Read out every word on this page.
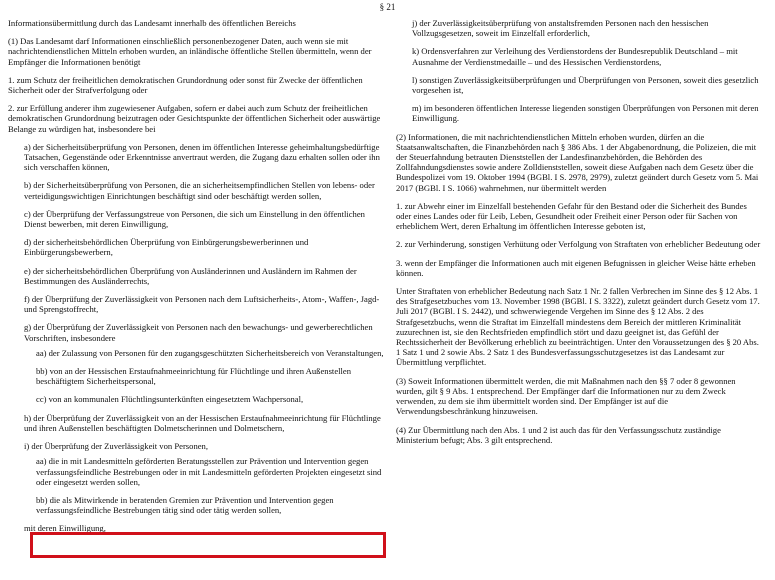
§ 21

Informationsübermittlung durch das Landesamt innerhalb des öffentlichen Bereichs

(1) Das Landesamt darf Informationen einschließlich personenbezogener Daten, auch wenn sie mit nachrichtendienstlichen Mitteln erhoben wurden, an inländische öffentliche Stellen übermitteln, wenn der Empfänger die Informationen benötigt

1. zum Schutz der freiheitlichen demokratischen Grundordnung oder sonst für Zwecke der öffentlichen Sicherheit oder der Strafverfolgung oder

2. zur Erfüllung anderer ihm zugewiesener Aufgaben, sofern er dabei auch zum Schutz der freiheitlichen demokratischen Grundordnung beizutragen oder Gesichtspunkte der öffentlichen Sicherheit oder auswärtige Belange zu würdigen hat, insbesondere bei

a) der Sicherheitsüberprüfung von Personen, denen im öffentlichen Interesse geheimhaltungsbedürftige Tatsachen, Gegenstände oder Erkenntnisse anvertraut werden, die Zugang dazu erhalten sollen oder ihn sich verschaffen können,

b) der Sicherheitsüberprüfung von Personen, die an sicherheitsempfindlichen Stellen von lebens- oder verteidigungswichtigen Einrichtungen beschäftigt sind oder beschäftigt werden sollen,

c) der Überprüfung der Verfassungstreue von Personen, die sich um Einstellung in den öffentlichen Dienst bewerben, mit deren Einwilligung,

d) der sicherheitsbehördlichen Überprüfung von Einbürgerungsbewerberinnen und Einbürgerungsbewerbern,

e) der sicherheitsbehördlichen Überprüfung von Ausländerinnen und Ausländern im Rahmen der Bestimmungen des Ausländerrechts,

f) der Überprüfung der Zuverlässigkeit von Personen nach dem Luftsicherheits-, Atom-, Waffen-, Jagd- und Sprengstoffrecht,

g) der Überprüfung der Zuverlässigkeit von Personen nach den bewachungs- und gewerberechtlichen Vorschriften, insbesondere

aa) der Zulassung von Personen für den zugangsgeschützten Sicherheitsbereich von Veranstaltungen,

bb) von an der Hessischen Erstaufnahmeeinrichtung für Flüchtlinge und ihren Außenstellen beschäftigtem Sicherheitspersonal,

cc) von an kommunalen Flüchtlingsunterkünften eingesetztem Wachpersonal,

h) der Überprüfung der Zuverlässigkeit von an der Hessischen Erstaufnahmeeinrichtung für Flüchtlinge und ihren Außenstellen beschäftigten Dolmetscherinnen und Dolmetschern,

i) der Überprüfung der Zuverlässigkeit von Personen,

aa) die in mit Landesmitteln geförderten Beratungsstellen zur Prävention und Intervention gegen verfassungsfeindliche Bestrebungen oder in mit Landesmitteln geförderten Projekten eingesetzt sind oder eingesetzt werden sollen,

bb) die als Mitwirkende in beratenden Gremien zur Prävention und Intervention gegen verfassungsfeindliche Bestrebungen tätig sind oder tätig werden sollen,

mit deren Einwilligung,

j) der Zuverlässigkeitsüberprüfung von anstaltsfremden Personen nach den hessischen Vollzugsgesetzen, soweit im Einzelfall erforderlich,

k) Ordensverfahren zur Verleihung des Verdienstordens der Bundesrepublik Deutschland – mit Ausnahme der Verdienstmedaille – und des Hessischen Verdienstordens,

l) sonstigen Zuverlässigkeitsüberprüfungen und Überprüfungen von Personen, soweit dies gesetzlich vorgesehen ist,

m) im besonderen öffentlichen Interesse liegenden sonstigen Überprüfungen von Personen mit deren Einwilligung.

(2) Informationen, die mit nachrichtendienstlichen Mitteln erhoben wurden, dürfen an die Staatsanwaltschaften, die Finanzbehörden nach § 386 Abs. 1 der Abgabenordnung, die Polizeien, die mit der Steuerfahndung betrauten Dienststellen der Landesfinanzbehörden, die Behörden des Zollfahndungsdienstes sowie andere Zolldienststellen, soweit diese Aufgaben nach dem Gesetz über die Bundespolizei vom 19. Oktober 1994 (BGBl. I S. 2978, 2979), zuletzt geändert durch Gesetz vom 5. Mai 2017 (BGBl. I S. 1066) wahrnehmen, nur übermittelt werden

1. zur Abwehr einer im Einzelfall bestehenden Gefahr für den Bestand oder die Sicherheit des Bundes oder eines Landes oder für Leib, Leben, Gesundheit oder Freiheit einer Person oder für Sachen von erheblichem Wert, deren Erhaltung im öffentlichen Interesse geboten ist,

2. zur Verhinderung, sonstigen Verhütung oder Verfolgung von Straftaten von erheblicher Bedeutung oder

3. wenn der Empfänger die Informationen auch mit eigenen Befugnissen in gleicher Weise hätte erheben können.

Unter Straftaten von erheblicher Bedeutung nach Satz 1 Nr. 2 fallen Verbrechen im Sinne des § 12 Abs. 1 des Strafgesetzbuches vom 13. November 1998 (BGBl. I S. 3322), zuletzt geändert durch Gesetz vom 17. Juli 2017 (BGBl. I S. 2442), und schwerwiegende Vergehen im Sinne des § 12 Abs. 2 des Strafgesetzbuchs, wenn die Straftat im Einzelfall mindestens dem Bereich der mittleren Kriminalität zuzurechnen ist, sie den Rechtsfrieden empfindlich stört und dazu geeignet ist, das Gefühl der Rechtssicherheit der Bevölkerung erheblich zu beeinträchtigen. Unter den Voraussetzungen des § 20 Abs. 1 Satz 1 und 2 sowie Abs. 2 Satz 1 des Bundesverfassungsschutzgesetzes ist das Landesamt zur Übermittlung verpflichtet.

(3) Soweit Informationen übermittelt werden, die mit Maßnahmen nach den §§ 7 oder 8 gewonnen wurden, gilt § 9 Abs. 1 entsprechend. Der Empfänger darf die Informationen nur zu dem Zweck verwenden, zu dem sie ihm übermittelt worden sind. Der Empfänger ist auf die Verwendungsbeschränkung hinzuweisen.

(4) Zur Übermittlung nach den Abs. 1 und 2 ist auch das für den Verfassungsschutz zuständige Ministerium befugt; Abs. 3 gilt entsprechend.
